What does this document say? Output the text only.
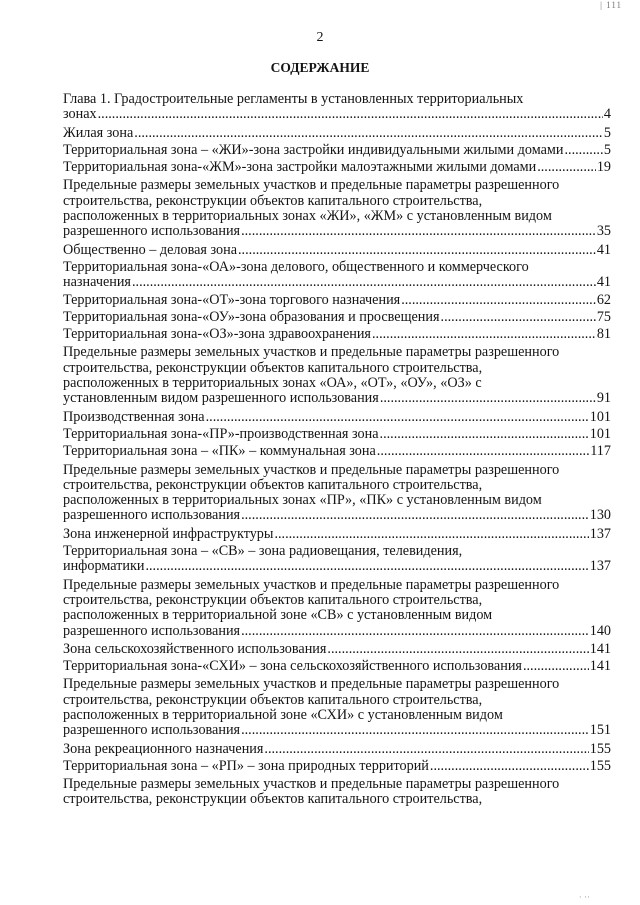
| 111
2
СОДЕРЖАНИЕ
Глава 1. Градостроительные регламенты в установленных территориальных
зонах .....	4
Жилая зона .....	5
Территориальная зона – «ЖИ»-зона застройки индивидуальными жилыми домами .....	5
Территориальная зона-«ЖМ»-зона застройки малоэтажными жилыми домами .....	19
Предельные размеры земельных участков и предельные параметры разрешенного
строительства, реконструкции объектов капитального строительства,
расположенных в территориальных зонах «ЖИ», «ЖМ» с установленным видом
разрешенного использования .....	35
Общественно – деловая зона .....	41
Территориальная зона-«ОА»-зона делового, общественного и коммерческого
назначения .....	41
Территориальная зона-«ОТ»-зона торгового назначения .....	62
Территориальная зона-«ОУ»-зона образования и просвещения .....	75
Территориальная зона-«ОЗ»-зона здравоохранения .....	81
Предельные размеры земельных участков и предельные параметры разрешенного
строительства, реконструкции объектов капитального строительства,
расположенных в территориальных зонах «ОА», «ОТ», «ОУ», «ОЗ» с
установленным видом разрешенного использования .....	91
Производственная зона .....	101
Территориальная зона-«ПР»-производственная зона .....	101
Территориальная зона – «ПК» – коммунальная зона .....	117
Предельные размеры земельных участков и предельные параметры разрешенного
строительства, реконструкции объектов капитального строительства,
расположенных в территориальных зонах «ПР», «ПК» с установленным видом
разрешенного использования .....	130
Зона инженерной инфраструктуры .....	137
Территориальная зона – «СВ» – зона радиовещания, телевидения,
информатики .....	137
Предельные размеры земельных участков и предельные параметры разрешенного
строительства, реконструкции объектов капитального строительства,
расположенных в территориальной зоне «СВ» с установленным видом
разрешенного использования .....	140
Зона сельскохозяйственного использования .....	141
Территориальная зона-«СХИ» – зона сельскохозяйственного использования .....	141
Предельные размеры земельных участков и предельные параметры разрешенного
строительства, реконструкции объектов капитального строительства,
расположенных в территориальной зоне «СХИ» с установленным видом
разрешенного использования .....	151
Зона рекреационного назначения .....	155
Территориальная зона – «РП» – зона природных территорий .....	155
Предельные размеры земельных участков и предельные параметры разрешенного
строительства, реконструкции объектов капитального строительства,
· ··
